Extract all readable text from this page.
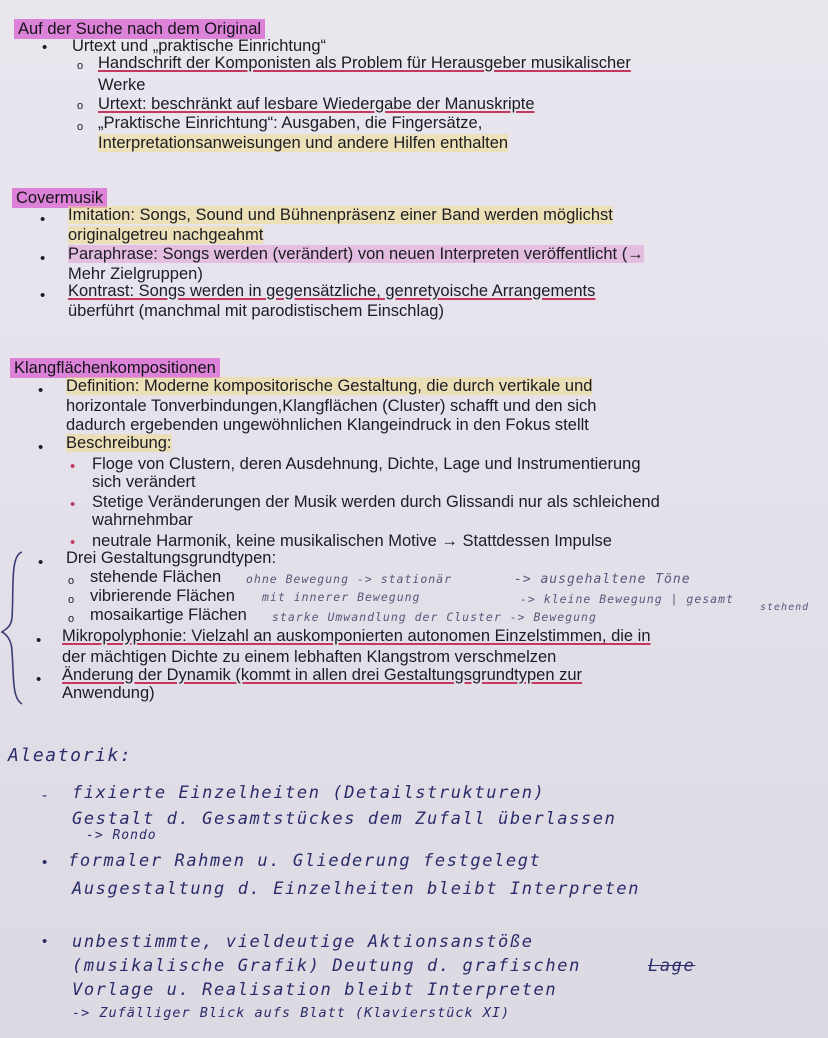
Auf der Suche nach dem Original
• Urtext und „praktische Einrichtung“
o Handschrift der Komponisten als Problem für Herausgeber musikalischer
Werke
o Urtext: beschränkt auf lesbare Wiedergabe der Manuskripte
o „Praktische Einrichtung“: Ausgaben, die Fingersätze,
Interpretationsanweisungen und andere Hilfen enthalten
Covermusik
• Imitation: Songs, Sound und Bühnenpräsenz einer Band werden möglichst
originalgetreu nachgeahmt
• Paraphrase: Songs werden (verändert) von neuen Interpreten veröffentlicht (→
Mehr Zielgruppen)
• Kontrast: Songs werden in gegensätzliche, genretyoische Arrangements
überführt (manchmal mit parodistischem Einschlag)
Klangflächenkompositionen
• Definition: Moderne kompositorische Gestaltung, die durch vertikale und
horizontale Tonverbindungen,Klangflächen (Cluster) schafft und den sich
dadurch ergebenden ungewöhnlichen Klangeindruck in den Fokus stellt
• Beschreibung:
• Floge von Clustern, deren Ausdehnung, Dichte, Lage und Instrumentierung
sich verändert
• Stetige Veränderungen der Musik werden durch Glissandi nur als schleichend
wahrnehmbar
• neutrale Harmonik, keine musikalischen Motive → Stattdessen Impulse
• Drei Gestaltungsgrundtypen:
o stehende Flächen ohne Bewegung -> stationär	-> ausgehaltene Töne
o vibrierende Flächen mit innerer Bewegung	-> kleine Bewegung | gesamt
stehend
o mosaikartige Flächen starke Umwandlung der Cluster -> Bewegung
• Mikropolyphonie: Vielzahl an auskomponierten autonomen Einzelstimmen, die in
der mächtigen Dichte zu einem lebhaften Klangstrom verschmelzen
• Änderung der Dynamik (kommt in allen drei Gestaltungsgrundtypen zur
Anwendung)
Aleatorik:
- fixierte Einzelheiten (Detailstrukturen)
Gestalt d. Gesamtstückes dem Zufall überlassen
-> Rondo
• formaler Rahmen u. Gliederung festgelegt
Ausgestaltung d. Einzelheiten bleibt Interpreten
• unbestimmte, vieldeutige Aktionsanstöße
(musikalische Grafik) Deutung d. grafischen	Lage
Vorlage u. Realisation bleibt Interpreten
-> Zufälliger Blick aufs Blatt (Klavierstück XI)
